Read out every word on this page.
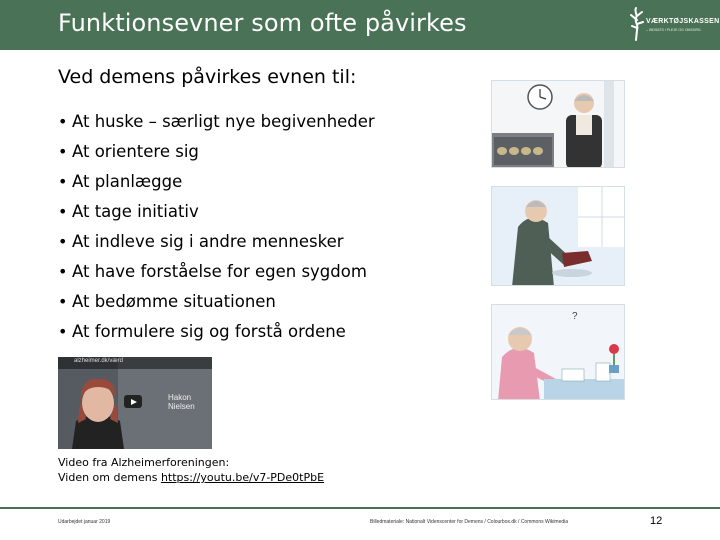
Funktionsevner som ofte påvirkes	VÆRKTØJSKASSEN
– INDSATS I PLEJE OG OMSORG
Ved demens påvirkes evnen til:
• At huske – særligt nye begivenheder
• At orientere sig
• At planlægge
• At tage initiativ
• At indleve sig i andre mennesker
• At have forståelse for egen sygdom
• At bedømme situationen
• At formulere sig og forstå ordene
?
alzheimer.dk/værd
Hakon Nielsen
Video fra Alzheimerforeningen:
Viden om demens https://youtu.be/v7-PDe0tPbE
Udarbejdet januar 2019	Billedmateriale: Nationalt Videnscenter for Demens / Colourbox.dk / Commons Wikimedia	12
